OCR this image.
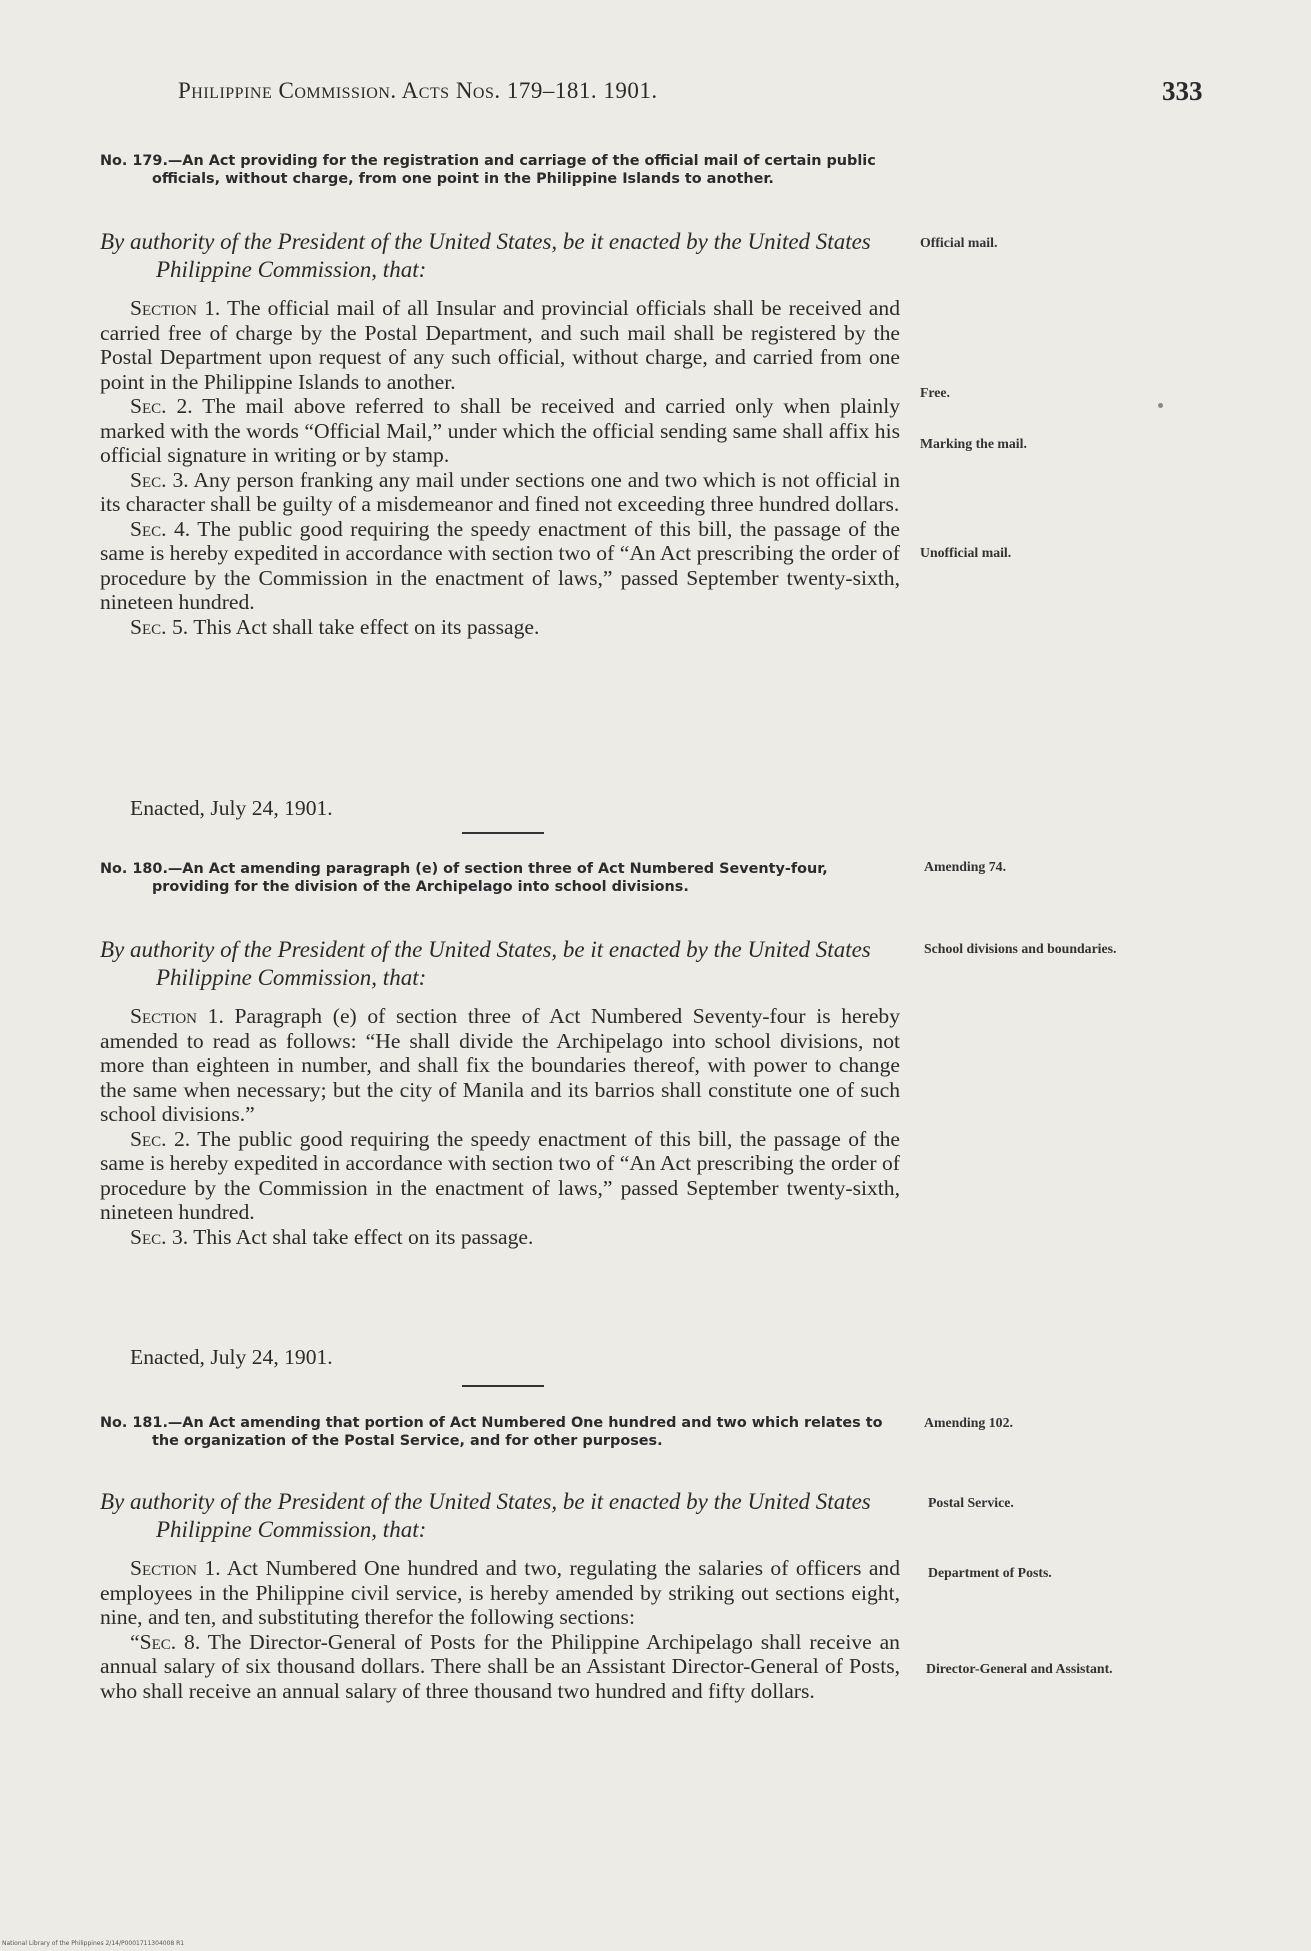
Philippine Commission. Acts Nos. 179–181. 1901.	333

No. 179.—An Act providing for the registration and carriage of the official mail of certain public officials, without charge, from one point in the Philippine Islands to another.

By authority of the President of the United States, be it enacted by the United States Philippine Commission, that:

Section 1. The official mail of all Insular and provincial officials shall be received and carried free of charge by the Postal Department, and such mail shall be registered by the Postal Department upon request of any such official, without charge, and carried from one point in the Philippine Islands to another.

Sec. 2. The mail above referred to shall be received and carried only when plainly marked with the words “Official Mail,” under which the official sending same shall affix his official signature in writing or by stamp.

Sec. 3. Any person franking any mail under sections one and two which is not official in its character shall be guilty of a misdemeanor and fined not exceeding three hundred dollars.

Sec. 4. The public good requiring the speedy enactment of this bill, the passage of the same is hereby expedited in accordance with section two of “An Act prescribing the order of procedure by the Commission in the enactment of laws,” passed September twenty-sixth, nineteen hundred.

Sec. 5. This Act shall take effect on its passage.

Enacted, July 24, 1901.

Official mail.
Free.
Marking the mail.
Unofficial mail.

No. 180.—An Act amending paragraph (e) of section three of Act Numbered Seventy-four, providing for the division of the Archipelago into school divisions.

By authority of the President of the United States, be it enacted by the United States Philippine Commission, that:

Section 1. Paragraph (e) of section three of Act Numbered Seventy-four is hereby amended to read as follows: “He shall divide the Archipelago into school divisions, not more than eighteen in number, and shall fix the boundaries thereof, with power to change the same when necessary; but the city of Manila and its barrios shall constitute one of such school divisions.”

Sec. 2. The public good requiring the speedy enactment of this bill, the passage of the same is hereby expedited in accordance with section two of “An Act prescribing the order of procedure by the Commission in the enactment of laws,” passed September twenty-sixth, nineteen hundred.

Sec. 3. This Act shal take effect on its passage.

Enacted, July 24, 1901.

Amending 74.
School divisions and boundaries.

No. 181.—An Act amending that portion of Act Numbered One hundred and two which relates to the organization of the Postal Service, and for other purposes.

By authority of the President of the United States, be it enacted by the United States Philippine Commission, that:

Section 1. Act Numbered One hundred and two, regulating the salaries of officers and employees in the Philippine civil service, is hereby amended by striking out sections eight, nine, and ten, and substituting therefor the following sections:

“Sec. 8. The Director-General of Posts for the Philippine Archipelago shall receive an annual salary of six thousand dollars. There shall be an Assistant Director-General of Posts, who shall receive an annual salary of three thousand two hundred and fifty dollars.

Amending 102.
Postal Service.
Department of Posts.
Director-General and Assistant.
National Library of the Philippines 2/14/P0001711304008 R1
